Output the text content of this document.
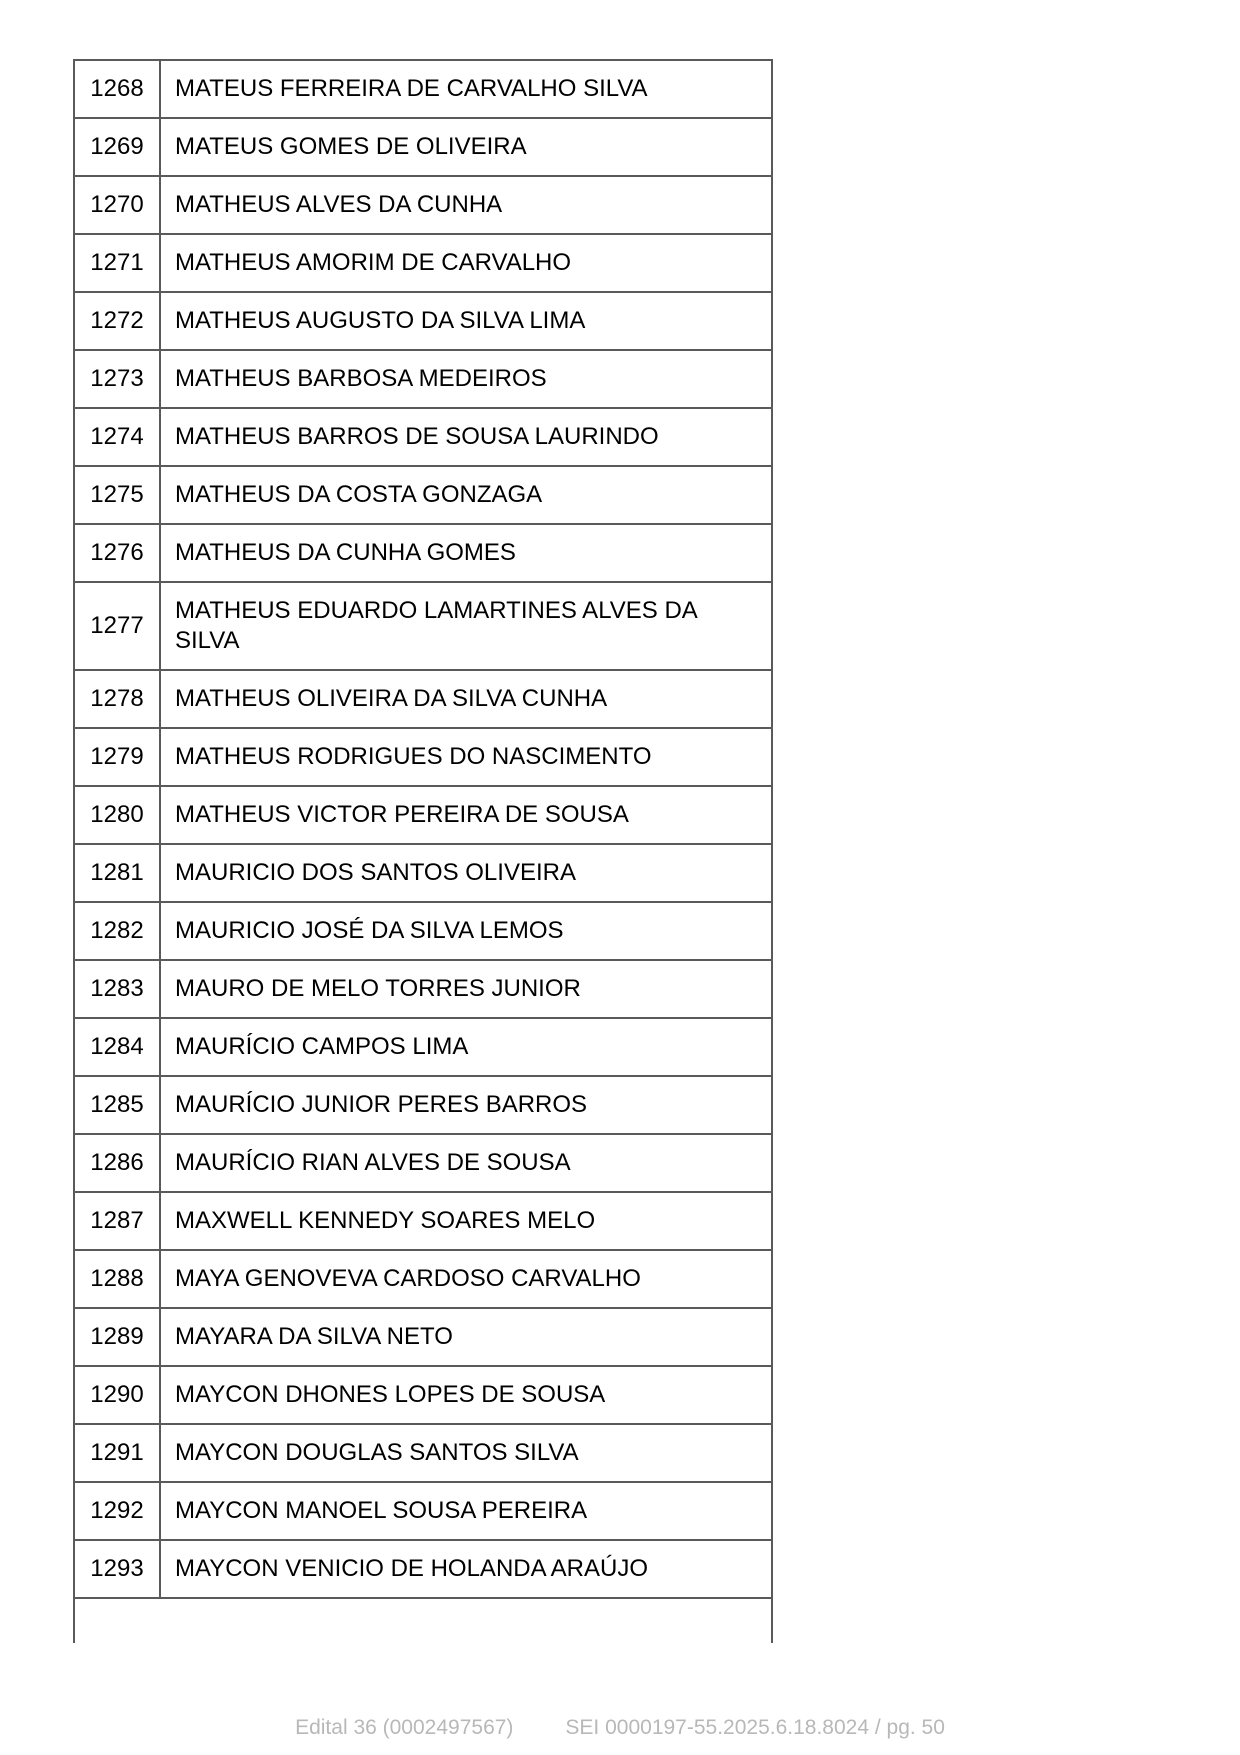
1268	MATEUS FERREIRA DE CARVALHO SILVA
1269	MATEUS GOMES DE OLIVEIRA
1270	MATHEUS ALVES DA CUNHA
1271	MATHEUS AMORIM DE CARVALHO
1272	MATHEUS AUGUSTO DA SILVA LIMA
1273	MATHEUS BARBOSA MEDEIROS
1274	MATHEUS BARROS DE SOUSA LAURINDO
1275	MATHEUS DA COSTA GONZAGA
1276	MATHEUS DA CUNHA GOMES
1277	MATHEUS EDUARDO LAMARTINES ALVES DA SILVA
1278	MATHEUS OLIVEIRA DA SILVA CUNHA
1279	MATHEUS RODRIGUES DO NASCIMENTO
1280	MATHEUS VICTOR PEREIRA DE SOUSA
1281	MAURICIO DOS SANTOS OLIVEIRA
1282	MAURICIO JOSÉ DA SILVA LEMOS
1283	MAURO DE MELO TORRES JUNIOR
1284	MAURÍCIO CAMPOS LIMA
1285	MAURÍCIO JUNIOR PERES BARROS
1286	MAURÍCIO RIAN ALVES DE SOUSA
1287	MAXWELL KENNEDY SOARES MELO
1288	MAYA GENOVEVA CARDOSO CARVALHO
1289	MAYARA DA SILVA NETO
1290	MAYCON DHONES LOPES DE SOUSA
1291	MAYCON DOUGLAS SANTOS SILVA
1292	MAYCON MANOEL SOUSA PEREIRA
1293	MAYCON VENICIO DE HOLANDA ARAÚJO

Edital 36 (0002497567) SEI 0000197-55.2025.6.18.8024 / pg. 50
